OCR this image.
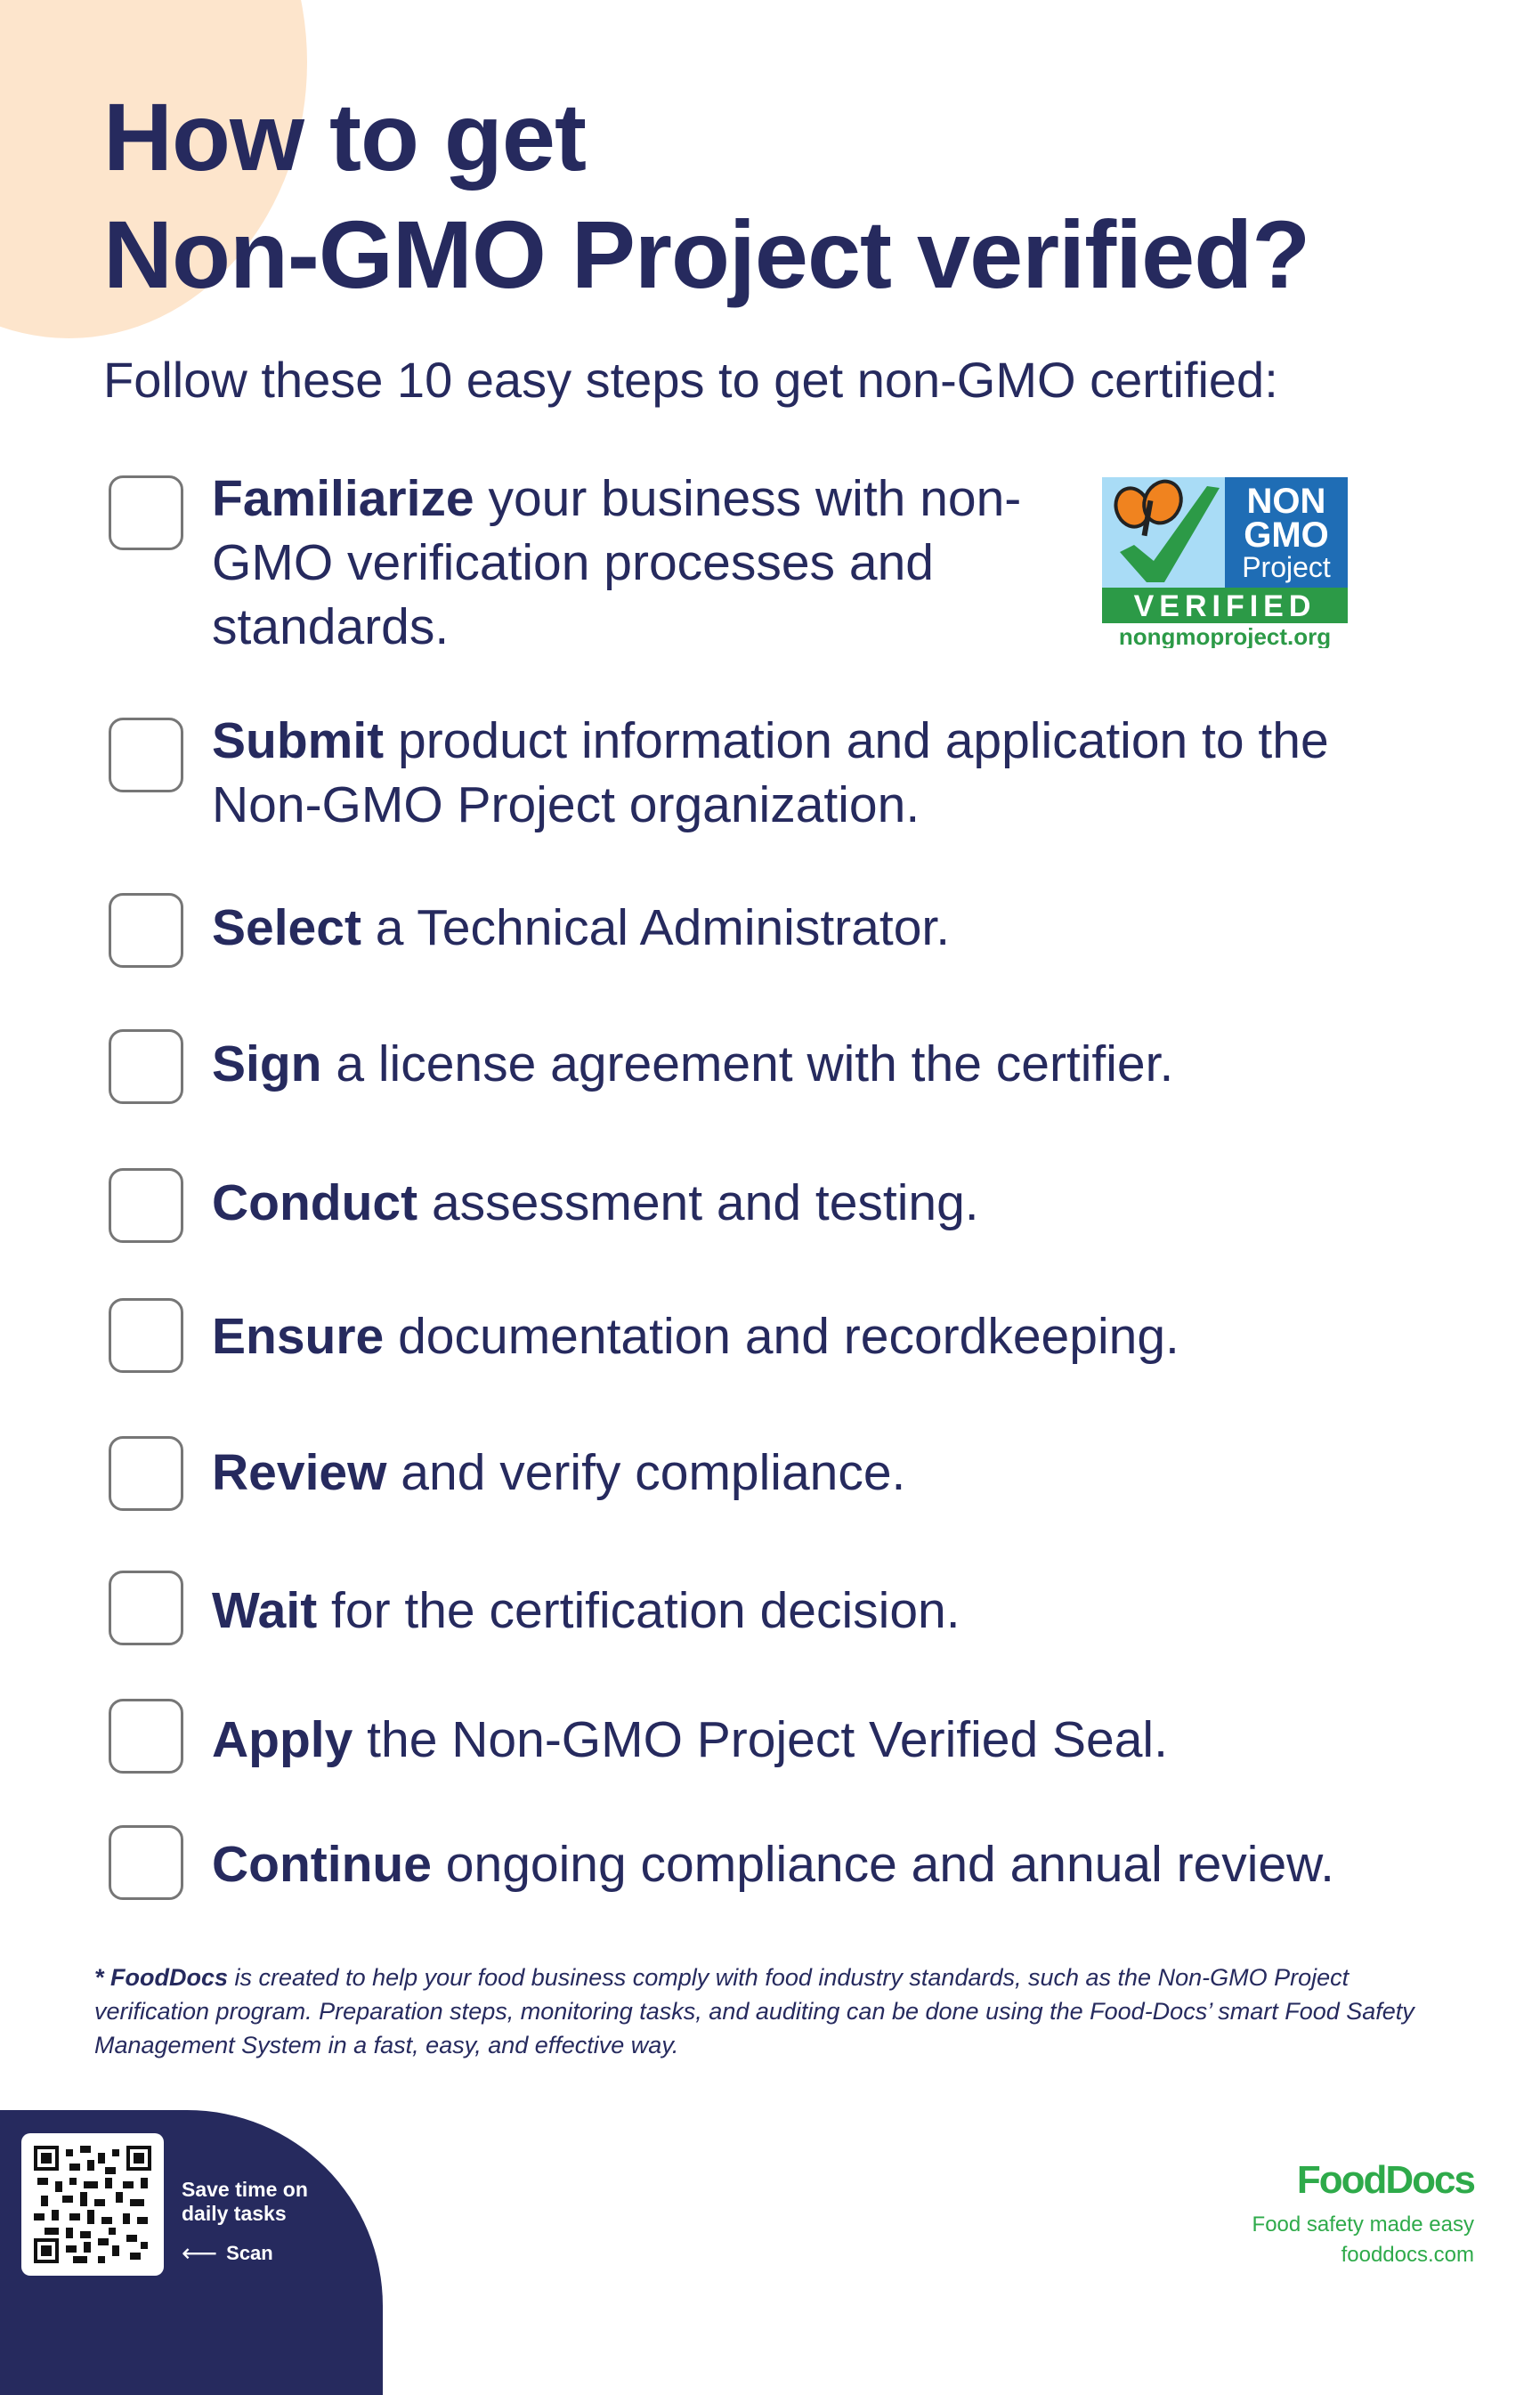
How to get
Non-GMO Project verified?

Follow these 10 easy steps to get non-GMO certified:

Familiarize your business with non-GMO verification processes and standards.

Submit product information and application to the Non-GMO Project organization.

Select a Technical Administrator.

Sign a license agreement with the certifier.

Conduct assessment and testing.

Ensure documentation and recordkeeping.

Review and verify compliance.

Wait for the certification decision.

Apply the Non-GMO Project Verified Seal.

Continue ongoing compliance and annual review.

NON
GMO
Project
VERIFIED
nongmoproject.org

* FoodDocs is created to help your food business comply with food industry standards, such as the Non-GMO Project verification program. Preparation steps, monitoring tasks, and auditing can be done using the Food-Docs’ smart Food Safety Management System in a fast, easy, and effective way.

Save time on daily tasks

⟵ Scan

FoodDocs

Food safety made easy

fooddocs.com
